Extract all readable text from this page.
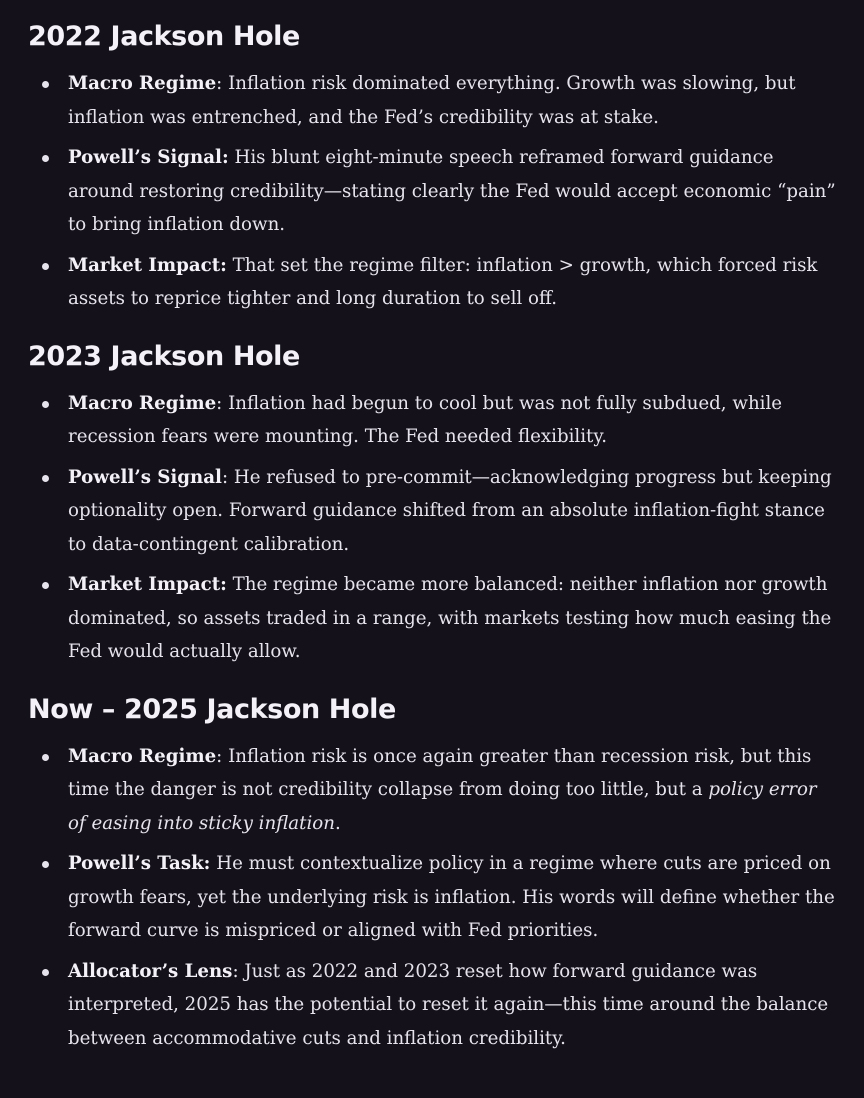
2022 Jackson Hole
Macro Regime: Inflation risk dominated everything. Growth was slowing, but inflation was entrenched, and the Fed’s credibility was at stake.
Powell’s Signal: His blunt eight-minute speech reframed forward guidance around restoring credibility—stating clearly the Fed would accept economic “pain” to bring inflation down.
Market Impact: That set the regime filter: inflation > growth, which forced risk assets to reprice tighter and long duration to sell off.
2023 Jackson Hole
Macro Regime: Inflation had begun to cool but was not fully subdued, while recession fears were mounting. The Fed needed flexibility.
Powell’s Signal: He refused to pre-commit—acknowledging progress but keeping optionality open. Forward guidance shifted from an absolute inflation-fight stance to data-contingent calibration.
Market Impact: The regime became more balanced: neither inflation nor growth dominated, so assets traded in a range, with markets testing how much easing the Fed would actually allow.
Now – 2025 Jackson Hole
Macro Regime: Inflation risk is once again greater than recession risk, but this time the danger is not credibility collapse from doing too little, but a policy error of easing into sticky inflation.
Powell’s Task: He must contextualize policy in a regime where cuts are priced on growth fears, yet the underlying risk is inflation. His words will define whether the forward curve is mispriced or aligned with Fed priorities.
Allocator’s Lens: Just as 2022 and 2023 reset how forward guidance was interpreted, 2025 has the potential to reset it again—this time around the balance between accommodative cuts and inflation credibility.
